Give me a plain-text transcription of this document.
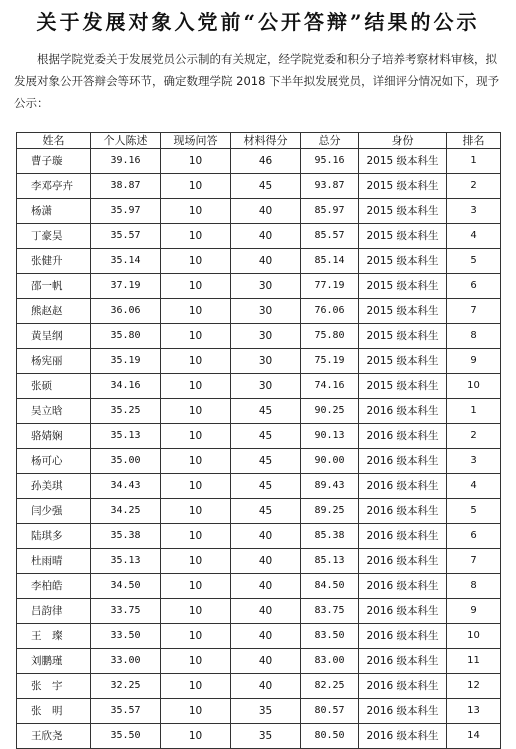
关于发展对象入党前“公开答辩”结果的公示
根据学院党委关于发展党员公示制的有关规定，经学院党委和积分子培养考察材料审核，拟发展对象公开答辩会等环节，确定数理学院 2018 下半年拟发展党员，详细评分情况如下，现予公示：
姓名	个人陈述	现场问答	材料得分	总分	身份	排名
曹子璇	39.16	10	46	95.16	2015 级本科生	1
李邓亭卉	38.87	10	45	93.87	2015 级本科生	2
杨潇	35.97	10	40	85.97	2015 级本科生	3
丁豪昊	35.57	10	40	85.57	2015 级本科生	4
张健升	35.14	10	40	85.14	2015 级本科生	5
邵一帆	37.19	10	30	77.19	2015 级本科生	6
熊赵赵	36.06	10	30	76.06	2015 级本科生	7
黄呈纲	35.80	10	30	75.80	2015 级本科生	8
杨宪丽	35.19	10	30	75.19	2015 级本科生	9
张硕	34.16	10	30	74.16	2015 级本科生	10
吴立晗	35.25	10	45	90.25	2016 级本科生	1
骆婧娴	35.13	10	45	90.13	2016 级本科生	2
杨可心	35.00	10	45	90.00	2016 级本科生	3
孙美琪	34.43	10	45	89.43	2016 级本科生	4
闫少强	34.25	10	45	89.25	2016 级本科生	5
陆琪多	35.38	10	40	85.38	2016 级本科生	6
杜雨晴	35.13	10	40	85.13	2016 级本科生	7
李柏皓	34.50	10	40	84.50	2016 级本科生	8
吕韵律	33.75	10	40	83.75	2016 级本科生	9
王　璨	33.50	10	40	83.50	2016 级本科生	10
刘鹏瑾	33.00	10	40	83.00	2016 级本科生	11
张　宇	32.25	10	40	82.25	2016 级本科生	12
张　明	35.57	10	35	80.57	2016 级本科生	13
王欣尧	35.50	10	35	80.50	2016 级本科生	14
